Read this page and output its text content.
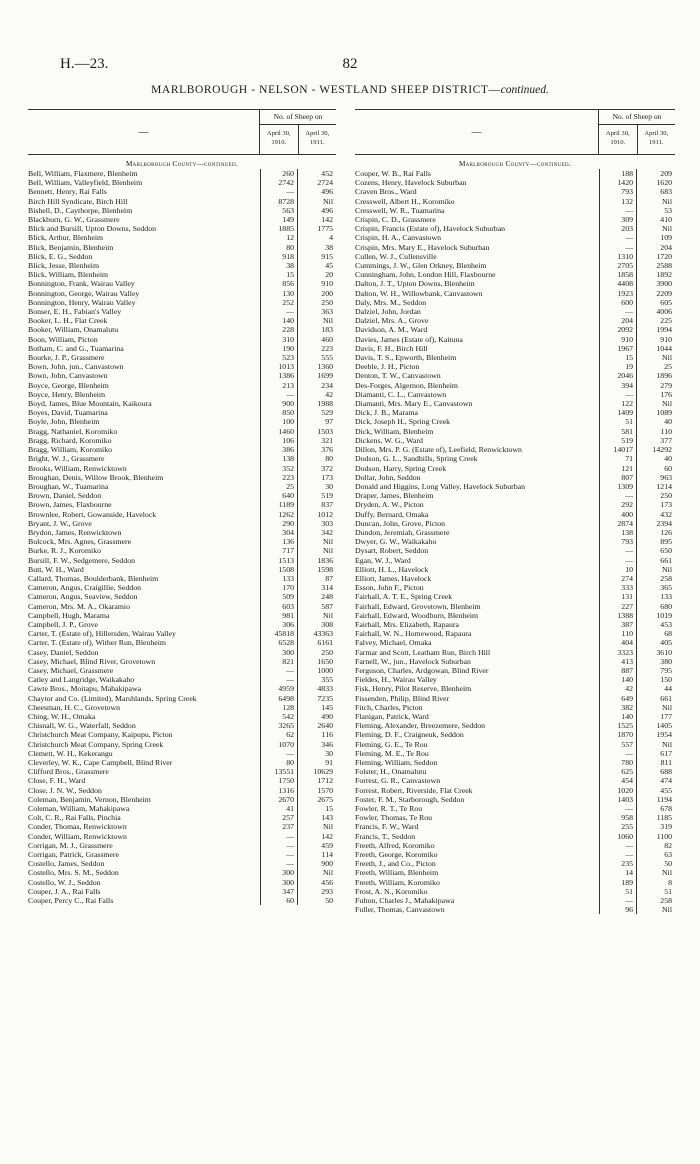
H.—23.	82
MARLBOROUGH - NELSON - WESTLAND SHEEP DISTRICT—continued.
—
No. of Sheep on
April 30, 1910.
April 30, 1911.
Marlborough County—continued.
Bell, William, Flaxmere, Blenheim	260	452
Bell, William, Valleyfield, Blenheim	2742	2724
Bennett, Henry, Rai Falls	—	496
Birch Hill Syndicate, Birch Hill	8728	Nil
Bishell, D., Caythorpe, Blenheim	563	496
Blackburn, G. W., Grassmere	149	142
Blick and Bursill, Upton Downs, Seddon	1885	1775
Blick, Arthur, Blenheim	12	4
Blick, Benjamin, Blenheim	80	38
Blick, E. G., Seddon	918	915
Blick, Jesse, Blenheim	38	45
Blick, William, Blenheim	15	20
Bonnington, Frank, Wairau Valley	856	910
Bonnington, George, Wairau Valley	130	200
Bonnington, Henry, Wairau Valley	252	250
Bonser, E. H., Fabian's Valley	—	363
Booker, L. H., Flat Creek	140	Nil
Booker, William, Onamalutu	228	183
Boon, William, Picton	310	460
Botham, C. and G., Tuamarina	190	223
Bourke, J. P., Grassmere	523	555
Bown, John, jun., Canvastown	1013	1360
Bown, John, Canvastown	1386	1699
Boyce, George, Blenheim	213	234
Boyce, Henry, Blenheim	—	42
Boyd, James, Blue Mountain, Kaikoura	900	1988
Boyes, David, Tuamarina	850	529
Boyle, John, Blenheim	100	97
Bragg, Nathaniel, Koromiko	1460	1503
Bragg, Richard, Koromiko	106	321
Bragg, William, Koromiko	386	376
Bright, W. J., Grassmere	138	80
Brooks, William, Renwicktown	352	372
Broughan, Denis, Willow Brook, Blenheim	223	173
Broughan, W., Tuamarina	25	30
Brown, Daniel, Seddon	640	519
Brown, James, Flaxbourne	1189	837
Brownlee, Robert, Gowanside, Havelock	1262	1012
Bryant, J. W., Grove	290	303
Brydon, James, Renwicktown	304	342
Bulcock, Mrs. Agnes, Grassmere	136	Nil
Burke, R. J., Koromiko	717	Nil
Bursill, F. W., Sedgemere, Seddon	1513	1836
Butt, W. H., Ward	1508	1598
Callard, Thomas, Boulderbank, Blenheim	133	87
Cameron, Angus, Craigillie, Seddon	170	314
Cameron, Angus, Seaview, Seddon	509	248
Cameron, Mrs. M. A., Okaramio	603	587
Campbell, Hugh, Marama	981	Nil
Campbell, J. P., Grove	306	308
Carter, T. (Estate of), Hillersden, Wairau Valley	45818	43363
Carter, T. (Estate of), Wither Run, Blenheim	6528	6161
Casey, Daniel, Seddon	300	250
Casey, Michael, Blind River, Grovetown	821	1650
Casey, Michael, Grassmere	—	1000
Catley and Langridge, Waikakaho	—	355
Cawte Bros., Moitapu, Mahakipawa	4959	4833
Chaytor and Co. (Limited), Marshlands, Spring Creek	6498	7235
Cheesman, H. C., Grovetown	128	145
Ching, W. H., Omaka	542	490
Chisnall, W. G., Waterfall, Seddon	3265	2640
Christchurch Meat Company, Kaipupu, Picton	62	116
Christchurch Meat Company, Spring Creek	1070	346
Clemett, W. H., Kekerangu	—	30
Cleverley, W. K., Cape Campbell, Blind River	80	91
Clifford Bros., Grassmere	13551	10629
Close, F. H., Ward	1750	1712
Close, J. N. W., Seddon	1316	1570
Coleman, Benjamin, Vernon, Blenheim	2670	2675
Coleman, William, Mahakipawa	41	15
Colt, C. R., Rai Falls, Pinchia	257	143
Conder, Thomas, Renwicktown	237	Nil
Conder, William, Renwicktown	—	142
Corrigan, M. J., Grassmere	—	459
Corrigan, Patrick, Grassmere	—	114
Costello, James, Seddon	—	900
Costello, Mrs. S. M., Seddon	300	Nil
Costello, W. J., Seddon	300	456
Couper, J. A., Rai Falls	347	293
Couper, Percy C., Rai Falls	60	50
—
No. of Sheep on
April 30, 1910.
April 30, 1911.
Marlborough County—continued.
Couper, W. B., Rai Falls	188	209
Cozens, Henry, Havelock Suburban	1420	1620
Craven Bros., Ward	793	683
Cresswell, Albert H., Koromiko	132	Nil
Cresswell, W. R., Tuamarina	—	53
Crispin, C. D., Grassmere	309	410
Crispin, Francis (Estate of), Havelock Suburban	203	Nil
Crispin, H. A., Canvastown	—	109
Crispin, Mrs. Mary E., Havelock Suburban	—	204
Cullen, W. J., Cullensville	1310	1720
Cummings, J. W., Glen Orkney, Blenheim	2705	2588
Cunningham, John, London Hill, Flaxbourne	1858	1892
Dalton, J. T., Upton Downs, Blenheim	4408	3900
Dalton, W. H., Willowbank, Canvastown	1923	2209
Daly, Mrs. M., Seddon	600	605
Dalziel, John, Jordan	—	4006
Dalziel, Mrs. A., Grove	204	225
Davidson, A. M., Ward	2092	1994
Davies, James (Estate of), Kaituna	910	910
Davis, F. H., Birch Hill	1967	1044
Davis, T. S., Epworth, Blenheim	15	Nil
Deeble, J. H., Picton	19	25
Denton, T. W., Canvastown	2046	1896
Des-Forges, Algernon, Blenheim	394	279
Diamanti, C. L., Canvastown	—	176
Diamanti, Mrs. Mary E., Canvastown	122	Nil
Dick, J. B., Marama	1409	1089
Dick, Joseph H., Spring Creek	51	40
Dick, William, Blenheim	581	110
Dickens, W. G., Ward	519	377
Dillon, Mrs. P. G. (Estate of), Leefield, Renwicktown	14017	14292
Dodson, G. L., Sandhills, Spring Creek	71	40
Dodson, Harry, Spring Creek	121	60
Dollar, John, Seddon	807	963
Donald and Higgins, Long Valley, Havelock Suburban	1309	1214
Draper, James, Blenheim	—	250
Dryden, A. W., Picton	292	173
Duffy, Bernard, Omaka	400	432
Duncan, John, Grove, Picton	2874	2394
Dundon, Jeremiah, Grassmere	138	126
Dwyer, G. W., Waikakaho	793	895
Dysart, Robert, Seddon	—	650
Egan, W. J., Ward	—	661
Elliott, H. L., Havelock	10	Nil
Elliott, James, Havelock	274	258
Esson, John F., Picton	333	365
Fairhall, A. T. E., Spring Creek	131	133
Fairhall, Edward, Grovetown, Blenheim	227	680
Fairhall, Edward, Woodburn, Blenheim	1388	1019
Fairhall, Mrs. Elizabeth, Rapaura	387	453
Fairhall, W. N., Homewood, Rapaura	110	68
Falvey, Michael, Omaka	404	405
Farmar and Scott, Leatham Run, Birch Hill	3323	3610
Farnell, W., jun., Havelock Suburban	413	380
Ferguson, Charles, Ardgowan, Blind River	887	795
Fieldes, H., Wairau Valley	140	150
Fisk, Henry, Pilot Reserve, Blenheim	42	44
Fissenden, Philip, Blind River	649	661
Fitch, Charles, Picton	382	Nil
Flanigan, Patrick, Ward	140	177
Fleming, Alexander, Breezemere, Seddon	1525	1405
Fleming, D. F., Craigneuk, Seddon	1870	1954
Fleming, G. E., Te Rou	557	Nil
Fleming, M. E., Te Rou	—	617
Fleming, William, Seddon	780	811
Folster, H., Onamalutu	625	688
Forrest, G. R., Canvastown	454	474
Forrest, Robert, Riverside, Flat Creek	1020	455
Foster, F. M., Starborough, Seddon	1403	1194
Fowler, R. T., Te Rou	—	678
Fowler, Thomas, Te Rou	958	1185
Francis, F. W., Ward	255	319
Francis, T., Seddon	1060	1100
Freeth, Alfred, Koromiko	—	82
Freeth, George, Koromiko	—	63
Freeth, J., and Co., Picton	235	50
Freeth, William, Blenheim	14	Nil
Freeth, William, Koromiko	189	8
Frost, A. N., Koromiko	51	51
Fulton, Charles J., Mahakipawa	—	258
Fuller, Thomas, Canvastown	96	Nil
